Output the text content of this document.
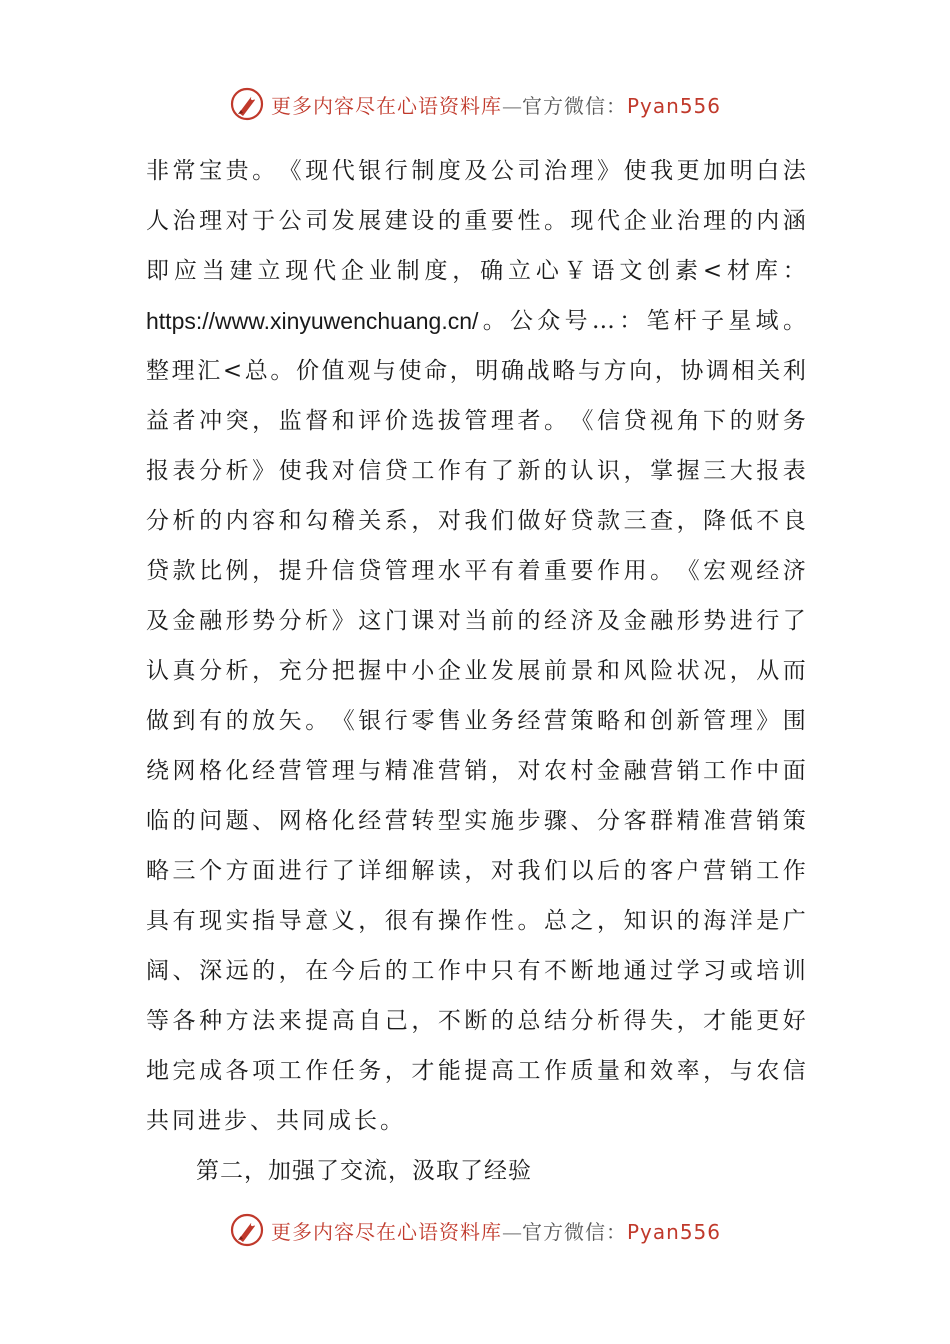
更多内容尽在心语资料库—官方微信：Pyan556
非 常 宝 贵 。 《 现 代 银 行 制 度 及 公 司 治 理 》 使 我 更 加 明 白 法
人 治 理 对 于 公 司 发 展 建 设 的 重 要 性 。 现 代 企 业 治 理 的 内 涵
即 应 当 建 立 现 代 企 业 制 度 ， 确 立 心 ￥ 语 文 创 素 < 材 库 ：
https://www.xinyuwenchuang.cn/ 。 公 众 号 … ： 笔 杆 子 星 域 。
整 理 汇 < 总 。 价 值 观 与 使 命 ， 明 确 战 略 与 方 向 ， 协 调 相 关 利
益 者 冲 突 ， 监 督 和 评 价 选 拔 管 理 者 。 《 信 贷 视 角 下 的 财 务
报 表 分 析 》 使 我 对 信 贷 工 作 有 了 新 的 认 识 ， 掌 握 三 大 报 表
分 析 的 内 容 和 勾 稽 关 系 ， 对 我 们 做 好 贷 款 三 查 ， 降 低 不 良
贷 款 比 例 ， 提 升 信 贷 管 理 水 平 有 着 重 要 作 用 。 《 宏 观 经 济
及 金 融 形 势 分 析 》 这 门 课 对 当 前 的 经 济 及 金 融 形 势 进 行 了
认 真 分 析 ， 充 分 把 握 中 小 企 业 发 展 前 景 和 风 险 状 况 ， 从 而
做 到 有 的 放 矢 。 《 银 行 零 售 业 务 经 营 策 略 和 创 新 管 理 》 围
绕 网 格 化 经 营 管 理 与 精 准 营 销 ， 对 农 村 金 融 营 销 工 作 中 面
临 的 问 题 、 网 格 化 经 营 转 型 实 施 步 骤 、 分 客 群 精 准 营 销 策
略 三 个 方 面 进 行 了 详 细 解 读 ， 对 我 们 以 后 的 客 户 营 销 工 作
具 有 现 实 指 导 意 义 ， 很 有 操 作 性 。 总 之 ， 知 识 的 海 洋 是 广
阔 、 深 远 的 ， 在 今 后 的 工 作 中 只 有 不 断 地 通 过 学 习 或 培 训
等 各 种 方 法 来 提 高 自 己 ， 不 断 的 总 结 分 析 得 失 ， 才 能 更 好
地 完 成 各 项 工 作 任 务 ， 才 能 提 高 工 作 质 量 和 效 率 ， 与 农 信
共同进步、共同成长。
第二，加强了交流，汲取了经验
更多内容尽在心语资料库—官方微信：Pyan556
